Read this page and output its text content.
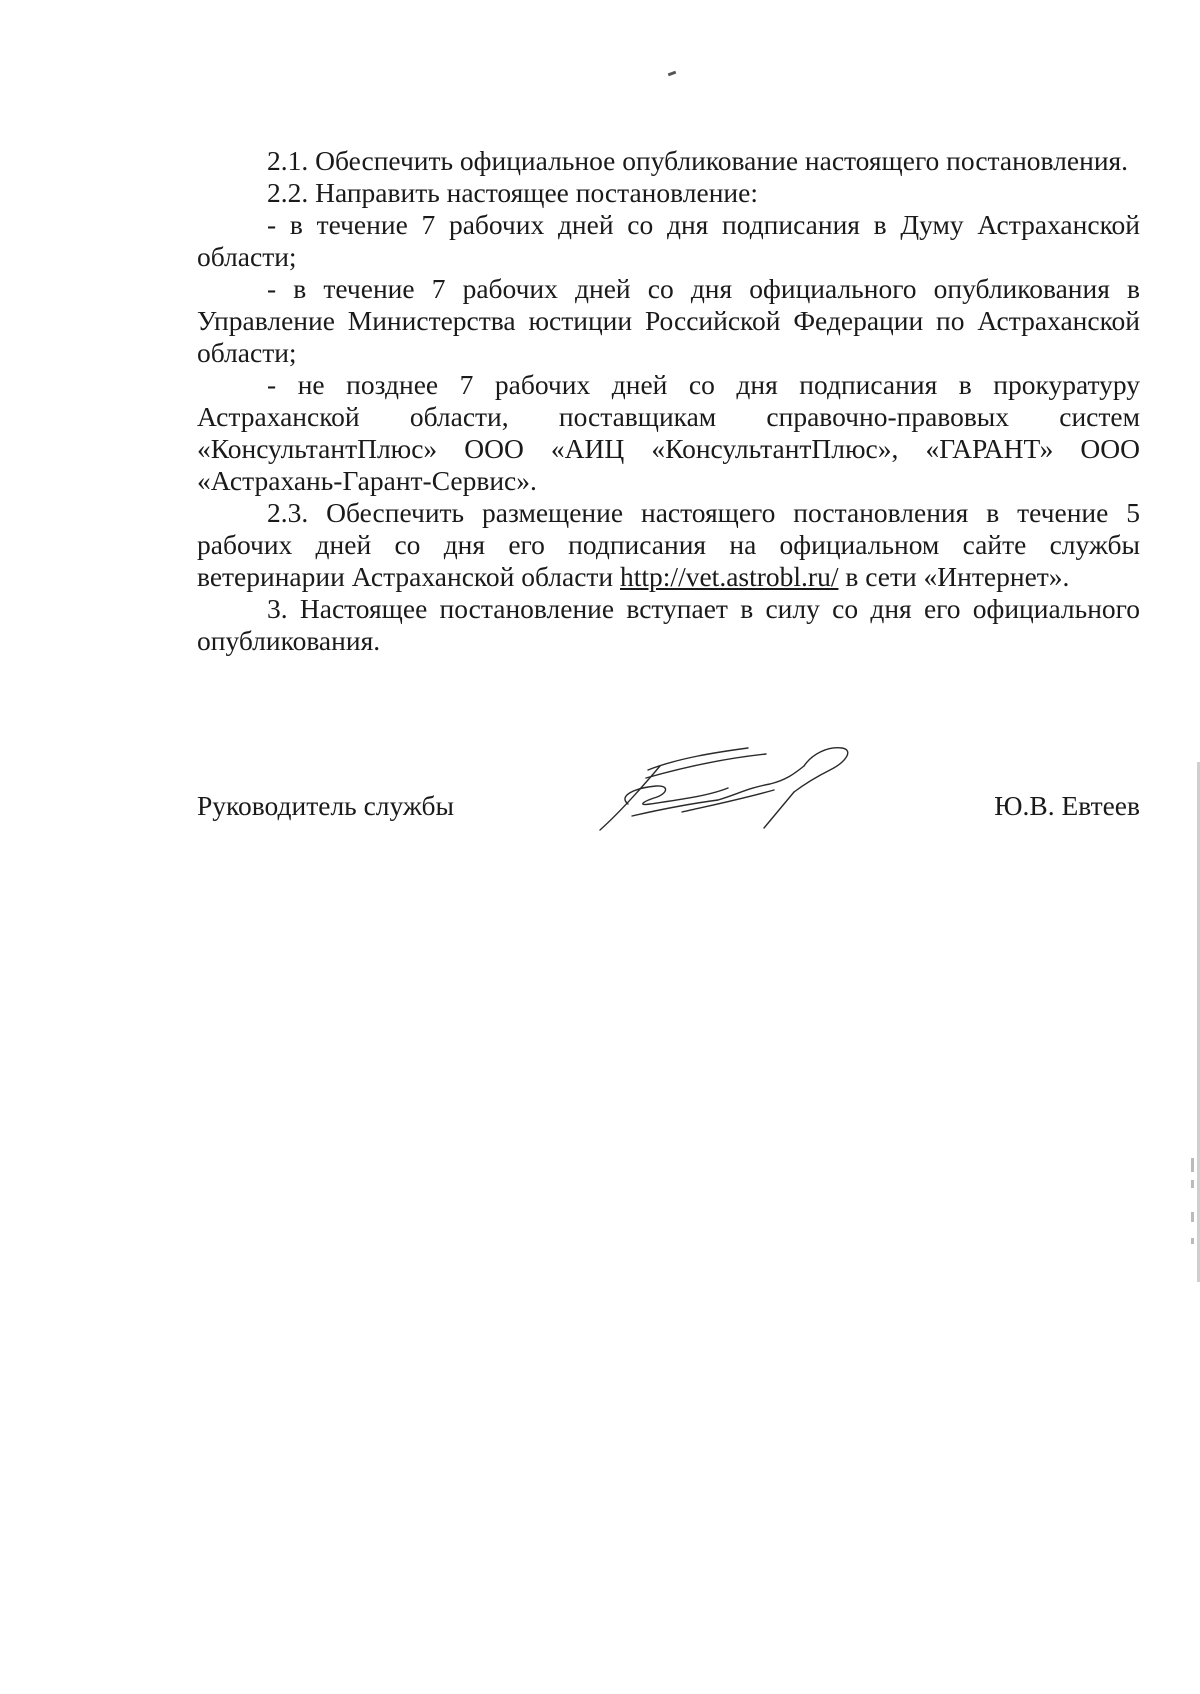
2.1. Обеспечить официальное опубликование настоящего постановления.

2.2. Направить настоящее постановление:

- в течение 7 рабочих дней со дня подписания в Думу Астраханской области;

- в течение 7 рабочих дней со дня официального опубликования в Управление Министерства юстиции Российской Федерации по Астраханской области;

- не позднее 7 рабочих дней со дня подписания в прокуратуру Астраханской области, поставщикам справочно-правовых систем «КонсультантПлюс» ООО «АИЦ «КонсультантПлюс», «ГАРАНТ» ООО «Астрахань-Гарант-Сервис».

2.3. Обеспечить размещение настоящего постановления в течение 5 рабочих дней со дня его подписания на официальном сайте службы ветеринарии Астраханской области http://vet.astrobl.ru/ в сети «Интернет».

3. Настоящее постановление вступает в силу со дня его официального опубликования.

Руководитель службы	Ю.В. Евтеев
